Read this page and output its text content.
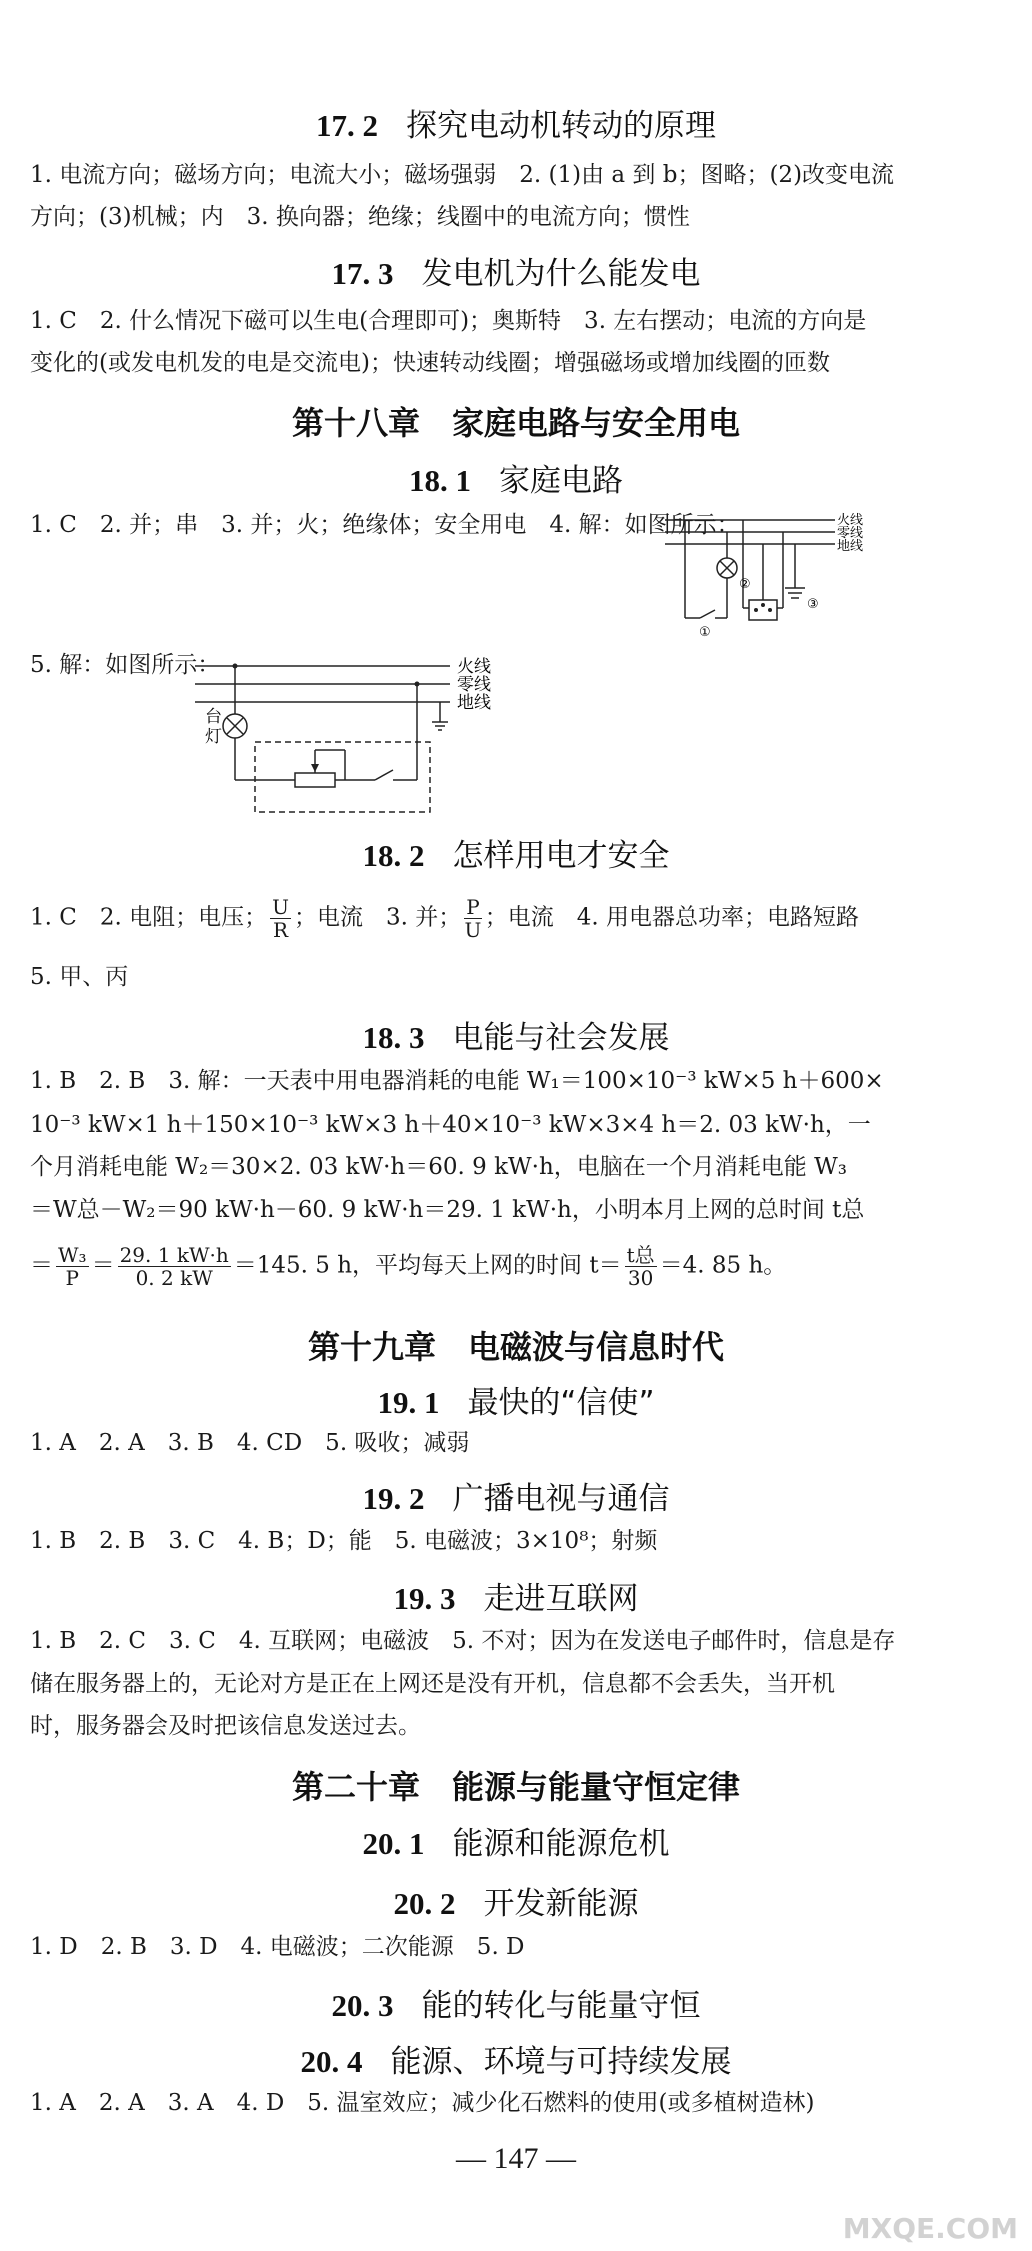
17. 2 探究电动机转动的原理
1. 电流方向；磁场方向；电流大小；磁场强弱　2. (1)由 a 到 b；图略；(2)改变电流
方向；(3)机械；内　3. 换向器；绝缘；线圈中的电流方向；惯性
17. 3 发电机为什么能发电
1. C　2. 什么情况下磁可以生电(合理即可)；奥斯特　3. 左右摆动；电流的方向是
变化的(或发电机发的电是交流电)；快速转动线圈；增强磁场或增加线圈的匝数
第十八章　家庭电路与安全用电
18. 1 家庭电路
1. C　2. 并；串　3. 并；火；绝缘体；安全用电　4. 解：如图所示：	火线
零线
地线
①
②
③
5. 解：如图所示：	火线
零线
地线
台
灯
18. 2 怎样用电才安全
1. C　2. 电阻；电压； $\frac{U}{R}$ ；电流　3. 并； $\frac{P}{U}$ ；电流　4. 用电器总功率；电路短路
5. 甲、丙
18. 3 电能与社会发展
1. B　2. B　3. 解：一天表中用电器消耗的电能 W₁＝100×10⁻³ kW×5 h＋600×
10⁻³ kW×1 h＋150×10⁻³ kW×3 h＋40×10⁻³ kW×3×4 h＝2. 03 kW·h，一
个月消耗电能 W₂＝30×2. 03 kW·h＝60. 9 kW·h，电脑在一个月消耗电能 W₃
＝W总－W₂＝90 kW·h－60. 9 kW·h＝29. 1 kW·h，小明本月上网的总时间 t总
＝ $\frac{\text{W₃}}{P} = \frac{29. 1 kW\cdot h}{0. 2 kW} =145$. 5 h，平均每天上网的时间 $t= \frac{\text{t总}}{30} =4$. 85 h。
第十九章　电磁波与信息时代
19. 1 最快的“信使”
1. A　2. A　3. B　4. CD　5. 吸收；减弱
19. 2 广播电视与通信
1. B　2. B　3. C　4. B；D；能　5. 电磁波；3×10⁸；射频
19. 3 走进互联网
1. B　2. C　3. C　4. 互联网；电磁波　5. 不对；因为在发送电子邮件时，信息是存
储在服务器上的，无论对方是正在上网还是没有开机，信息都不会丢失，当开机
时，服务器会及时把该信息发送过去。
第二十章　能源与能量守恒定律
20. 1 能源和能源危机
20. 2 开发新能源
1. D　2. B　3. D　4. 电磁波；二次能源　5. D
20. 3 能的转化与能量守恒
20. 4 能源、环境与可持续发展
1. A　2. A　3. A　4. D　5. 温室效应；减少化石燃料的使用(或多植树造林)
— 147 —
MXQE.COM
